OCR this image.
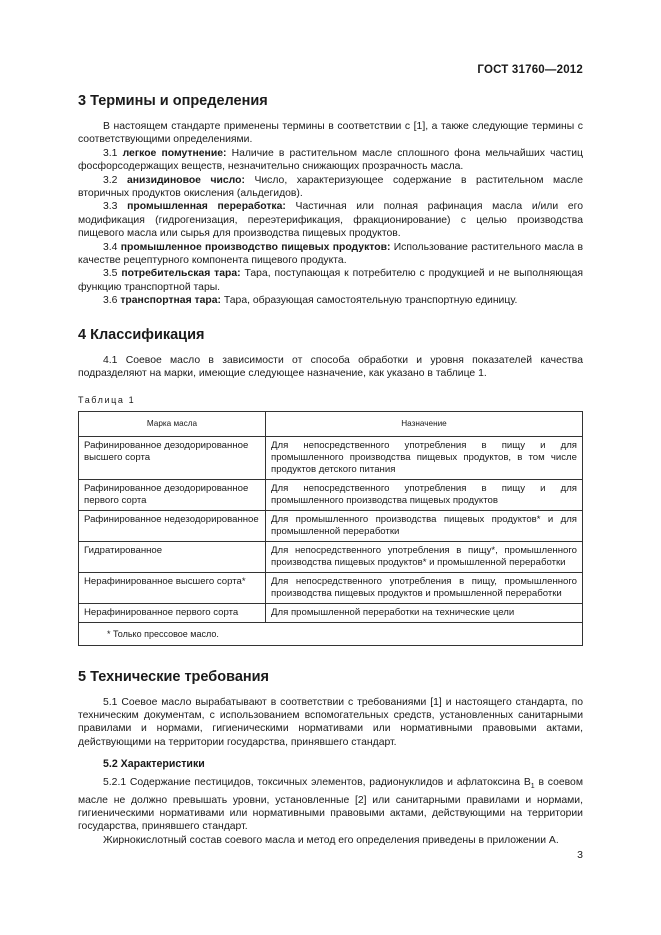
ГОСТ 31760—2012
3 Термины и определения

В настоящем стандарте применены термины в соответствии с [1], а также следующие термины с соответствующими определениями.

3.1 легкое помутнение: Наличие в растительном масле сплошного фона мельчайших частиц фосфорсодержащих веществ, незначительно снижающих прозрачность масла.

3.2 анизидиновое число: Число, характеризующее содержание в растительном масле вторичных продуктов окисления (альдегидов).

3.3 промышленная переработка: Частичная или полная рафинация масла и/или его модификация (гидрогенизация, переэтерификация, фракционирование) с целью производства пищевого масла или сырья для производства пищевых продуктов.

3.4 промышленное производство пищевых продуктов: Использование растительного масла в качестве рецептурного компонента пищевого продукта.

3.5 потребительская тара: Тара, поступающая к потребителю с продукцией и не выполняющая функцию транспортной тары.

3.6 транспортная тара: Тара, образующая самостоятельную транспортную единицу.

4 Классификация

4.1 Соевое масло в зависимости от способа обработки и уровня показателей качества подразделяют на марки, имеющие следующее назначение, как указано в таблице 1.

Таблица 1
Марка масла	Назначение
Рафинированное дезодорированное высшего сорта	Для непосредственного употребления в пищу и для промышленного производства пищевых продуктов, в том числе продуктов детского питания
Рафинированное дезодорированное первого сорта	Для непосредственного употребления в пищу и для промышленного производства пищевых продуктов
Рафинированное недезодорированное	Для промышленного производства пищевых продуктов* и для промышленной переработки
Гидратированное	Для непосредственного употребления в пищу*, промышленного производства пищевых продуктов* и промышленной переработки
Нерафинированное высшего сорта*	Для непосредственного употребления в пищу, промышленного производства пищевых продуктов и промышленной переработки
Нерафинированное первого сорта	Для промышленной переработки на технические цели
* Только прессовое масло.	
5 Технические требования

5.1 Соевое масло вырабатывают в соответствии с требованиями [1] и настоящего стандарта, по техническим документам, с использованием вспомогательных средств, установленных санитарными правилами и нормами, гигиеническими нормативами или нормативными правовыми актами, действующими на территории государства, принявшего стандарт.

5.2 Характеристики

5.2.1 Содержание пестицидов, токсичных элементов, радионуклидов и афлатоксина $B_1$ в соевом масле не должно превышать уровни, установленные [2] или санитарными правилами и нормами, гигиеническими нормативами или нормативными правовыми актами, действующими на территории государства, принявшего стандарт.

Жирнокислотный состав соевого масла и метод его определения приведены в приложении А.

3
